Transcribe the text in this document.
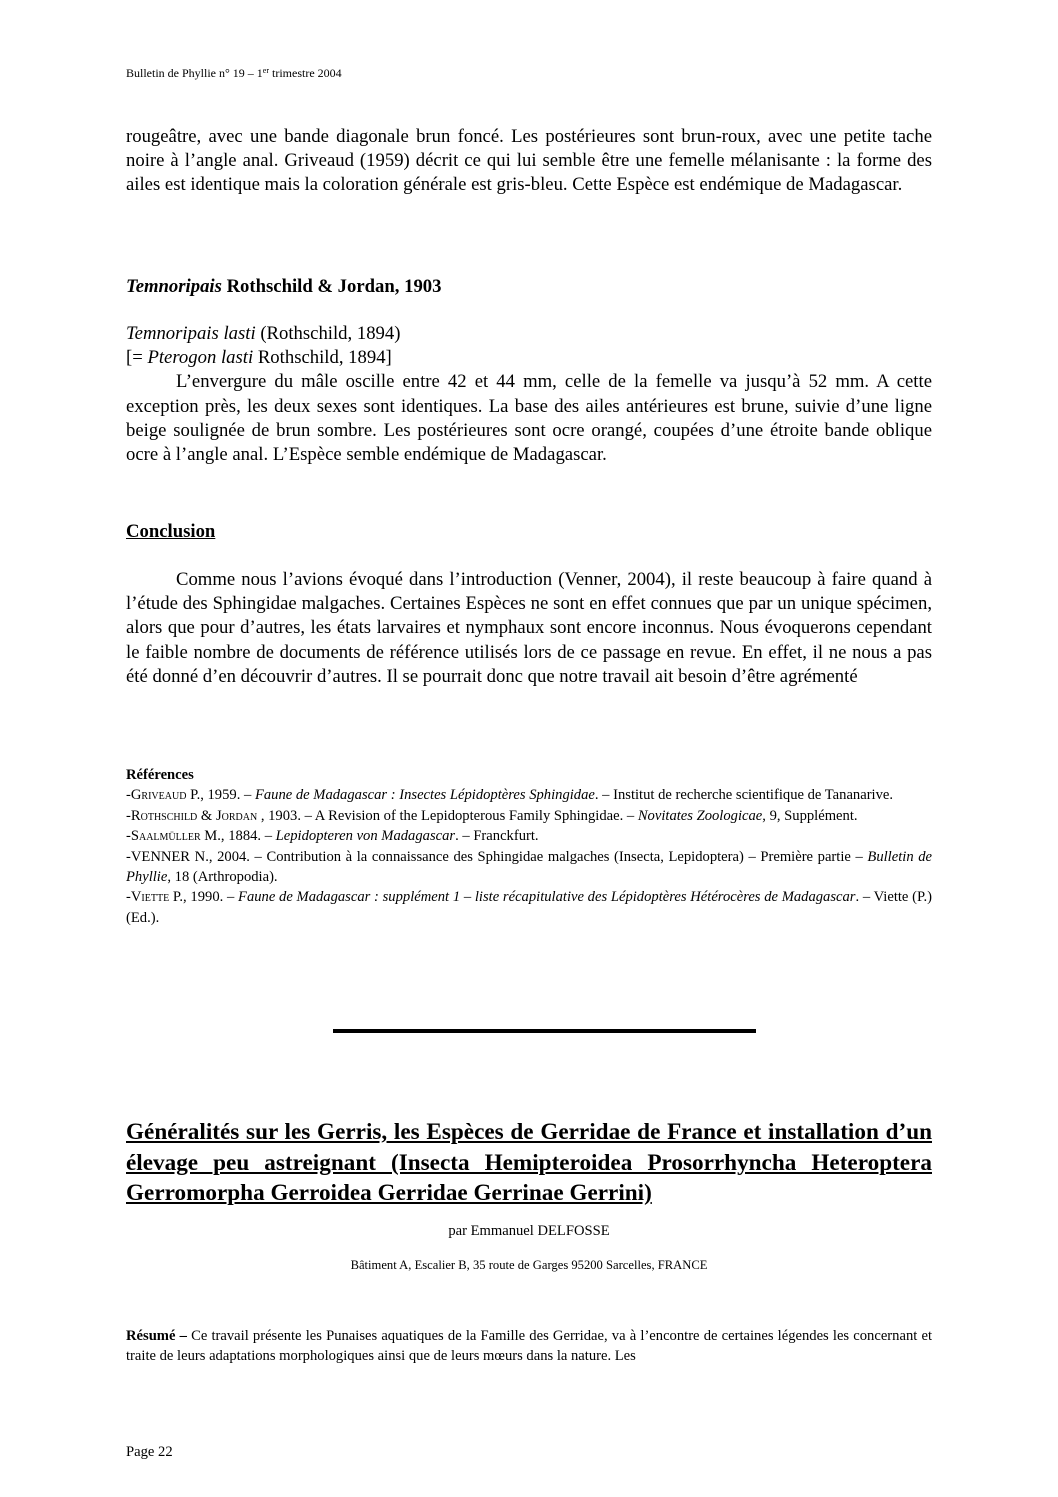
Bulletin de Phyllie n° 19 – 1er trimestre 2004

rougeâtre, avec une bande diagonale brun foncé. Les postérieures sont brun-roux, avec une petite tache noire à l’angle anal. Griveaud (1959) décrit ce qui lui semble être une femelle mélanisante : la forme des ailes est identique mais la coloration générale est gris-bleu. Cette Espèce est endémique de Madagascar.

Temnoripais Rothschild & Jordan, 1903
Temnoripais lasti (Rothschild, 1894)
[= Pterogon lasti Rothschild, 1894]

L’envergure du mâle oscille entre 42 et 44 mm, celle de la femelle va jusqu’à 52 mm. A cette exception près, les deux sexes sont identiques. La base des ailes antérieures est brune, suivie d’une ligne beige soulignée de brun sombre. Les postérieures sont ocre orangé, coupées d’une étroite bande oblique ocre à l’angle anal. L’Espèce semble endémique de Madagascar.

Conclusion

Comme nous l’avions évoqué dans l’introduction (Venner, 2004), il reste beaucoup à faire quand à l’étude des Sphingidae malgaches. Certaines Espèces ne sont en effet connues que par un unique spécimen, alors que pour d’autres, les états larvaires et nymphaux sont encore inconnus. Nous évoquerons cependant le faible nombre de documents de référence utilisés lors de ce passage en revue. En effet, il ne nous a pas été donné d’en découvrir d’autres. Il se pourrait donc que notre travail ait besoin d’être agrémenté

Références

-Griveaud P., 1959. – Faune de Madagascar : Insectes Lépidoptères Sphingidae. – Institut de recherche scientifique de Tananarive.

-Rothschild & Jordan , 1903. – A Revision of the Lepidopterous Family Sphingidae. – Novitates Zoologicae, 9, Supplément.

-Saalmüller M., 1884. – Lepidopteren von Madagascar. – Franckfurt.

-VENNER N., 2004. – Contribution à la connaissance des Sphingidae malgaches (Insecta, Lepidoptera) – Première partie – Bulletin de Phyllie, 18 (Arthropodia).

-Viette P., 1990. – Faune de Madagascar : supplément 1 – liste récapitulative des Lépidoptères Hétérocères de Madagascar. – Viette (P.) (Ed.).

Généralités sur les Gerris, les Espèces de Gerridae de France et installation d’un élevage peu astreignant (Insecta Hemipteroidea Prosorrhyncha Heteroptera Gerromorpha Gerroidea Gerridae Gerrinae Gerrini)
par Emmanuel DELFOSSE
Bâtiment A, Escalier B, 35 route de Garges 95200 Sarcelles, FRANCE

Résumé – Ce travail présente les Punaises aquatiques de la Famille des Gerridae, va à l’encontre de certaines légendes les concernant et traite de leurs adaptations morphologiques ainsi que de leurs mœurs dans la nature. Les

Page 22
